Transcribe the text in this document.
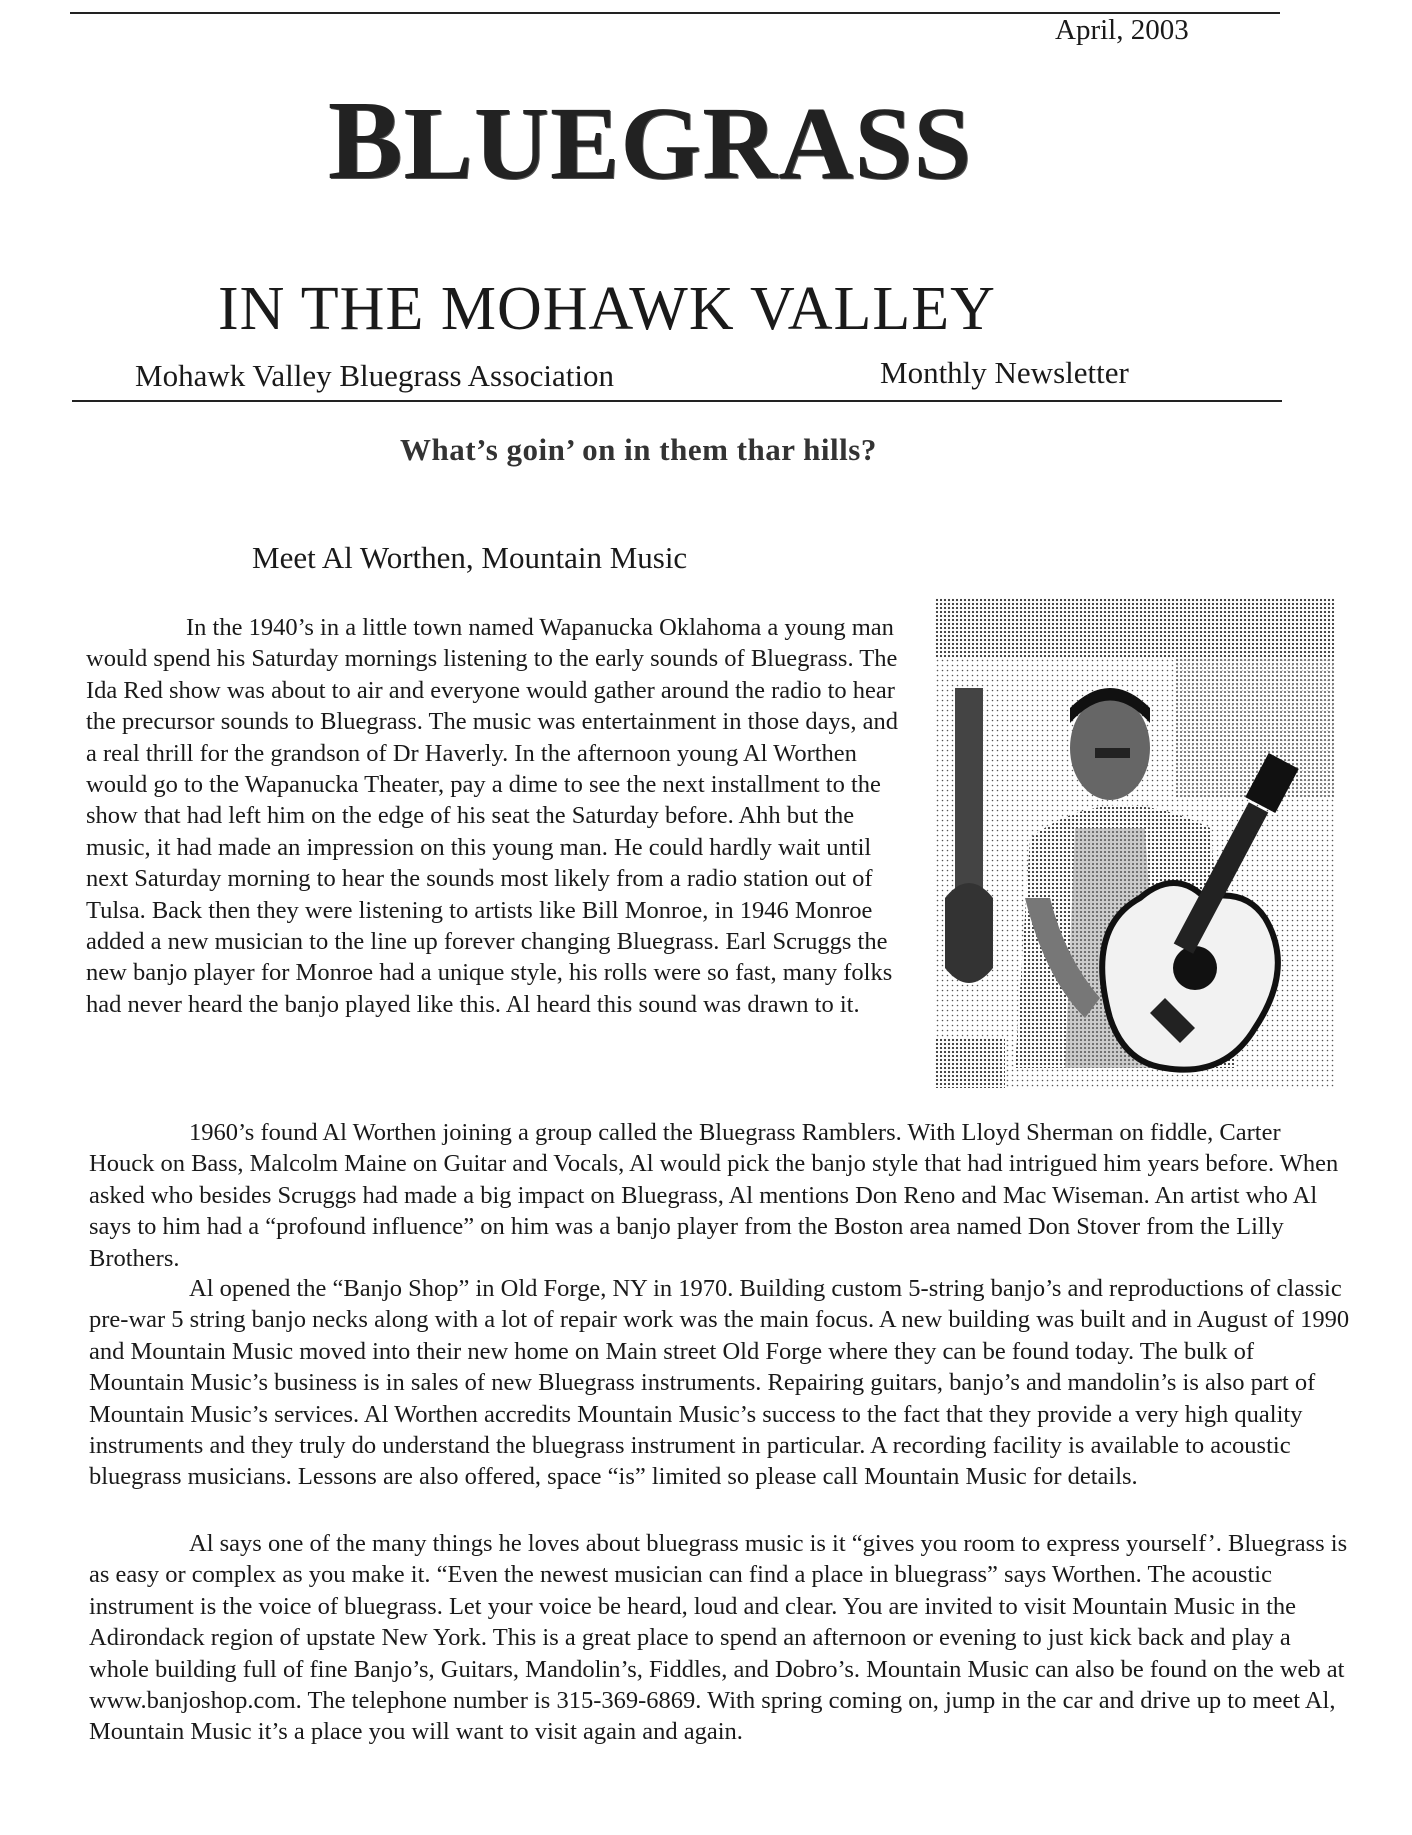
April, 2003
BLUEGRASS
IN THE MOHAWK VALLEY
Mohawk Valley Bluegrass Association	Monthly Newsletter
What’s goin’ on in them thar hills?
Meet Al Worthen, Mountain Music

In the 1940’s in a little town named Wapanucka Oklahoma a young man would spend his Saturday mornings listening to the early sounds of Bluegrass. The Ida Red show was about to air and everyone would gather around the radio to hear the precursor sounds to Bluegrass. The music was entertainment in those days, and a real thrill for the grandson of Dr Haverly. In the afternoon young Al Worthen would go to the Wapanucka Theater, pay a dime to see the next installment to the show that had left him on the edge of his seat the Saturday before. Ahh but the music, it had made an impression on this young man. He could hardly wait until next Saturday morning to hear the sounds most likely from a radio station out of Tulsa. Back then they were listening to artists like Bill Monroe, in 1946 Monroe added a new musician to the line up forever changing Bluegrass. Earl Scruggs the new banjo player for Monroe had a unique style, his rolls were so fast, many folks had never heard the banjo played like this. Al heard this sound was drawn to it.

1960’s found Al Worthen joining a group called the Bluegrass Ramblers. With Lloyd Sherman on fiddle, Carter Houck on Bass, Malcolm Maine on Guitar and Vocals, Al would pick the banjo style that had intrigued him years before. When asked who besides Scruggs had made a big impact on Bluegrass, Al mentions Don Reno and Mac Wiseman. An artist who Al says to him had a “profound influence” on him was a banjo player from the Boston area named Don Stover from the Lilly Brothers.

Al opened the “Banjo Shop” in Old Forge, NY in 1970. Building custom 5-string banjo’s and reproductions of classic pre-war 5 string banjo necks along with a lot of repair work was the main focus. A new building was built and in August of 1990 and Mountain Music moved into their new home on Main street Old Forge where they can be found today. The bulk of Mountain Music’s business is in sales of new Bluegrass instruments. Repairing guitars, banjo’s and mandolin’s is also part of Mountain Music’s services. Al Worthen accredits Mountain Music’s success to the fact that they provide a very high quality instruments and they truly do understand the bluegrass instrument in particular. A recording facility is available to acoustic bluegrass musicians. Lessons are also offered, space “is” limited so please call Mountain Music for details.

Al says one of the many things he loves about bluegrass music is it “gives you room to express yourself’. Bluegrass is as easy or complex as you make it. “Even the newest musician can find a place in bluegrass” says Worthen. The acoustic instrument is the voice of bluegrass. Let your voice be heard, loud and clear. You are invited to visit Mountain Music in the Adirondack region of upstate New York. This is a great place to spend an afternoon or evening to just kick back and play a whole building full of fine Banjo’s, Guitars, Mandolin’s, Fiddles, and Dobro’s. Mountain Music can also be found on the web at www.banjoshop.com. The telephone number is 315-369-6869. With spring coming on, jump in the car and drive up to meet Al, Mountain Music it’s a place you will want to visit again and again.
